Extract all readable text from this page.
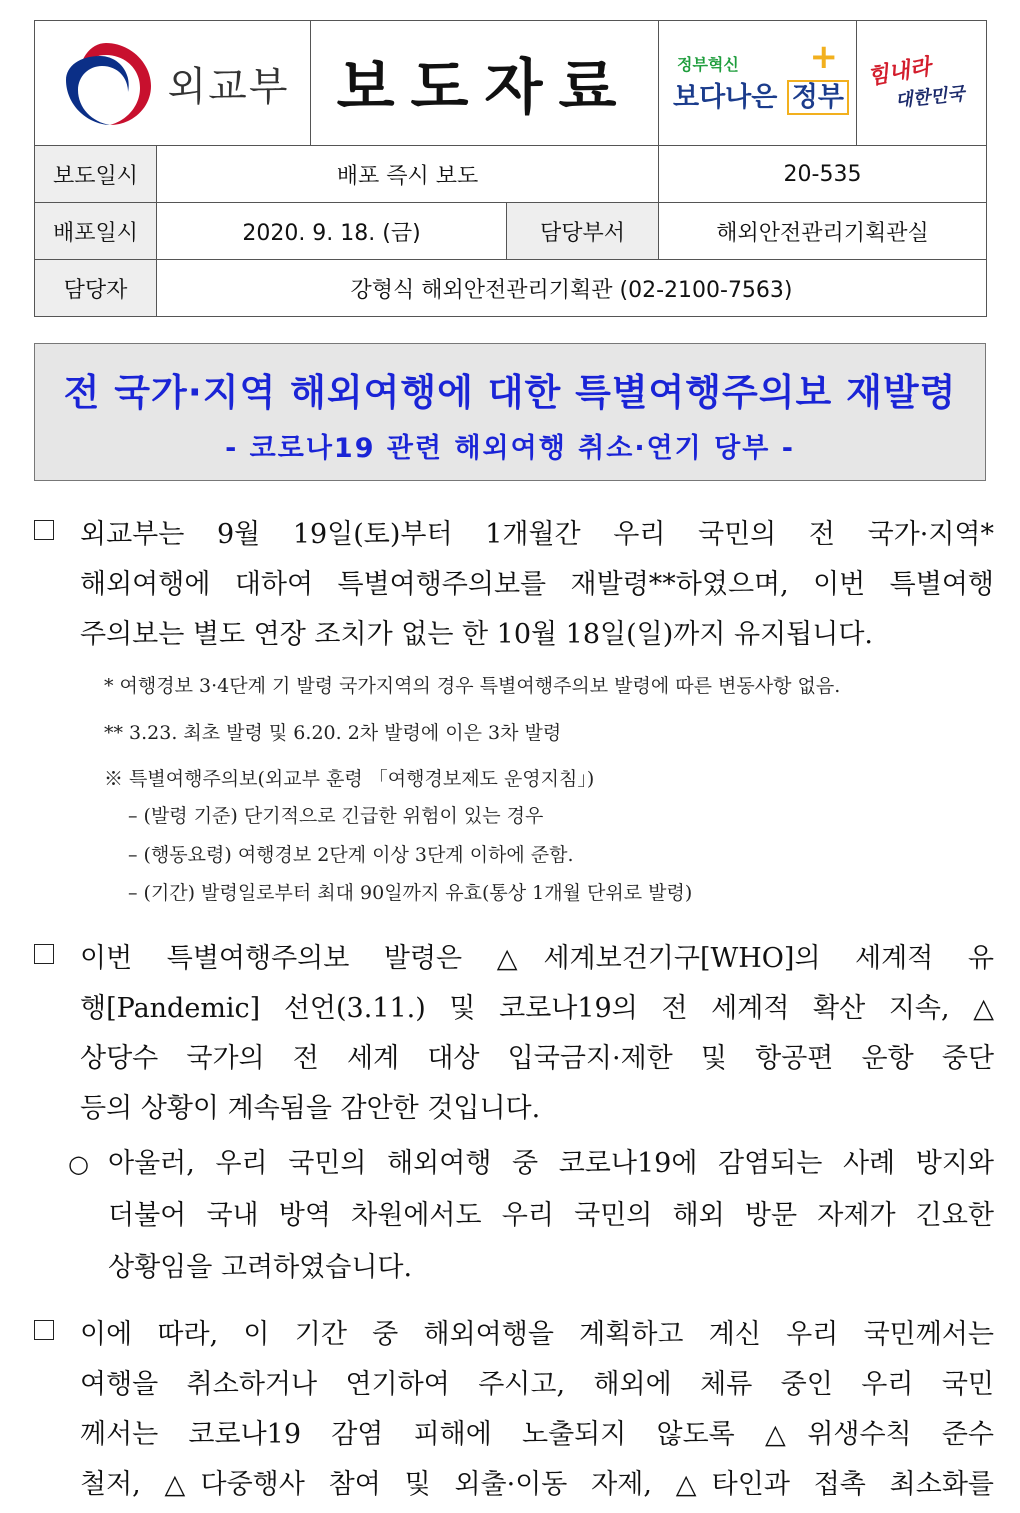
외교부		보도자료		정부혁신
보다나은 정부
+	힘내라
대한민국

보도일시	배포 즉시 보도			20-535	
배포일시	2020. 9. 18. (금)		담당부서	해외안전관리기획관실	
담당자	강형식 해외안전관리기획관 (02-2100-7563)				
전 국가·지역 해외여행에 대한 특별여행주의보 재발령
- 코로나19 관련 해외여행 취소·연기 당부 -
외교부는 9월 19일(토)부터 1개월간 우리 국민의 전 국가·지역*
해외여행에 대하여 특별여행주의보를 재발령**하였으며, 이번 특별여행
주의보는 별도 연장 조치가 없는 한 10월 18일(일)까지 유지됩니다.
* 여행경보 3·4단계 기 발령 국가지역의 경우 특별여행주의보 발령에 따른 변동사항 없음.
** 3.23. 최초 발령 및 6.20. 2차 발령에 이은 3차 발령
※ 특별여행주의보(외교부 훈령 「여행경보제도 운영지침」)
– (발령 기준) 단기적으로 긴급한 위험이 있는 경우
– (행동요령) 여행경보 2단계 이상 3단계 이하에 준함.
– (기간) 발령일로부터 최대 90일까지 유효(통상 1개월 단위로 발령)
이번 특별여행주의보 발령은 △세계보건기구[WHO]의 세계적 유
행[Pandemic] 선언(3.11.) 및 코로나19의 전 세계적 확산 지속, △
상당수 국가의 전 세계 대상 입국금지·제한 및 항공편 운항 중단
등의 상황이 계속됨을 감안한 것입니다.
○ 아울러, 우리 국민의 해외여행 중 코로나19에 감염되는 사례 방지와
더불어 국내 방역 차원에서도 우리 국민의 해외 방문 자제가 긴요한
상황임을 고려하였습니다.
이에 따라, 이 기간 중 해외여행을 계획하고 계신 우리 국민께서는
여행을 취소하거나 연기하여 주시고, 해외에 체류 중인 우리 국민
께서는 코로나19 감염 피해에 노출되지 않도록 △위생수칙 준수
철저, △다중행사 참여 및 외출·이동 자제, △타인과 접촉 최소화를
